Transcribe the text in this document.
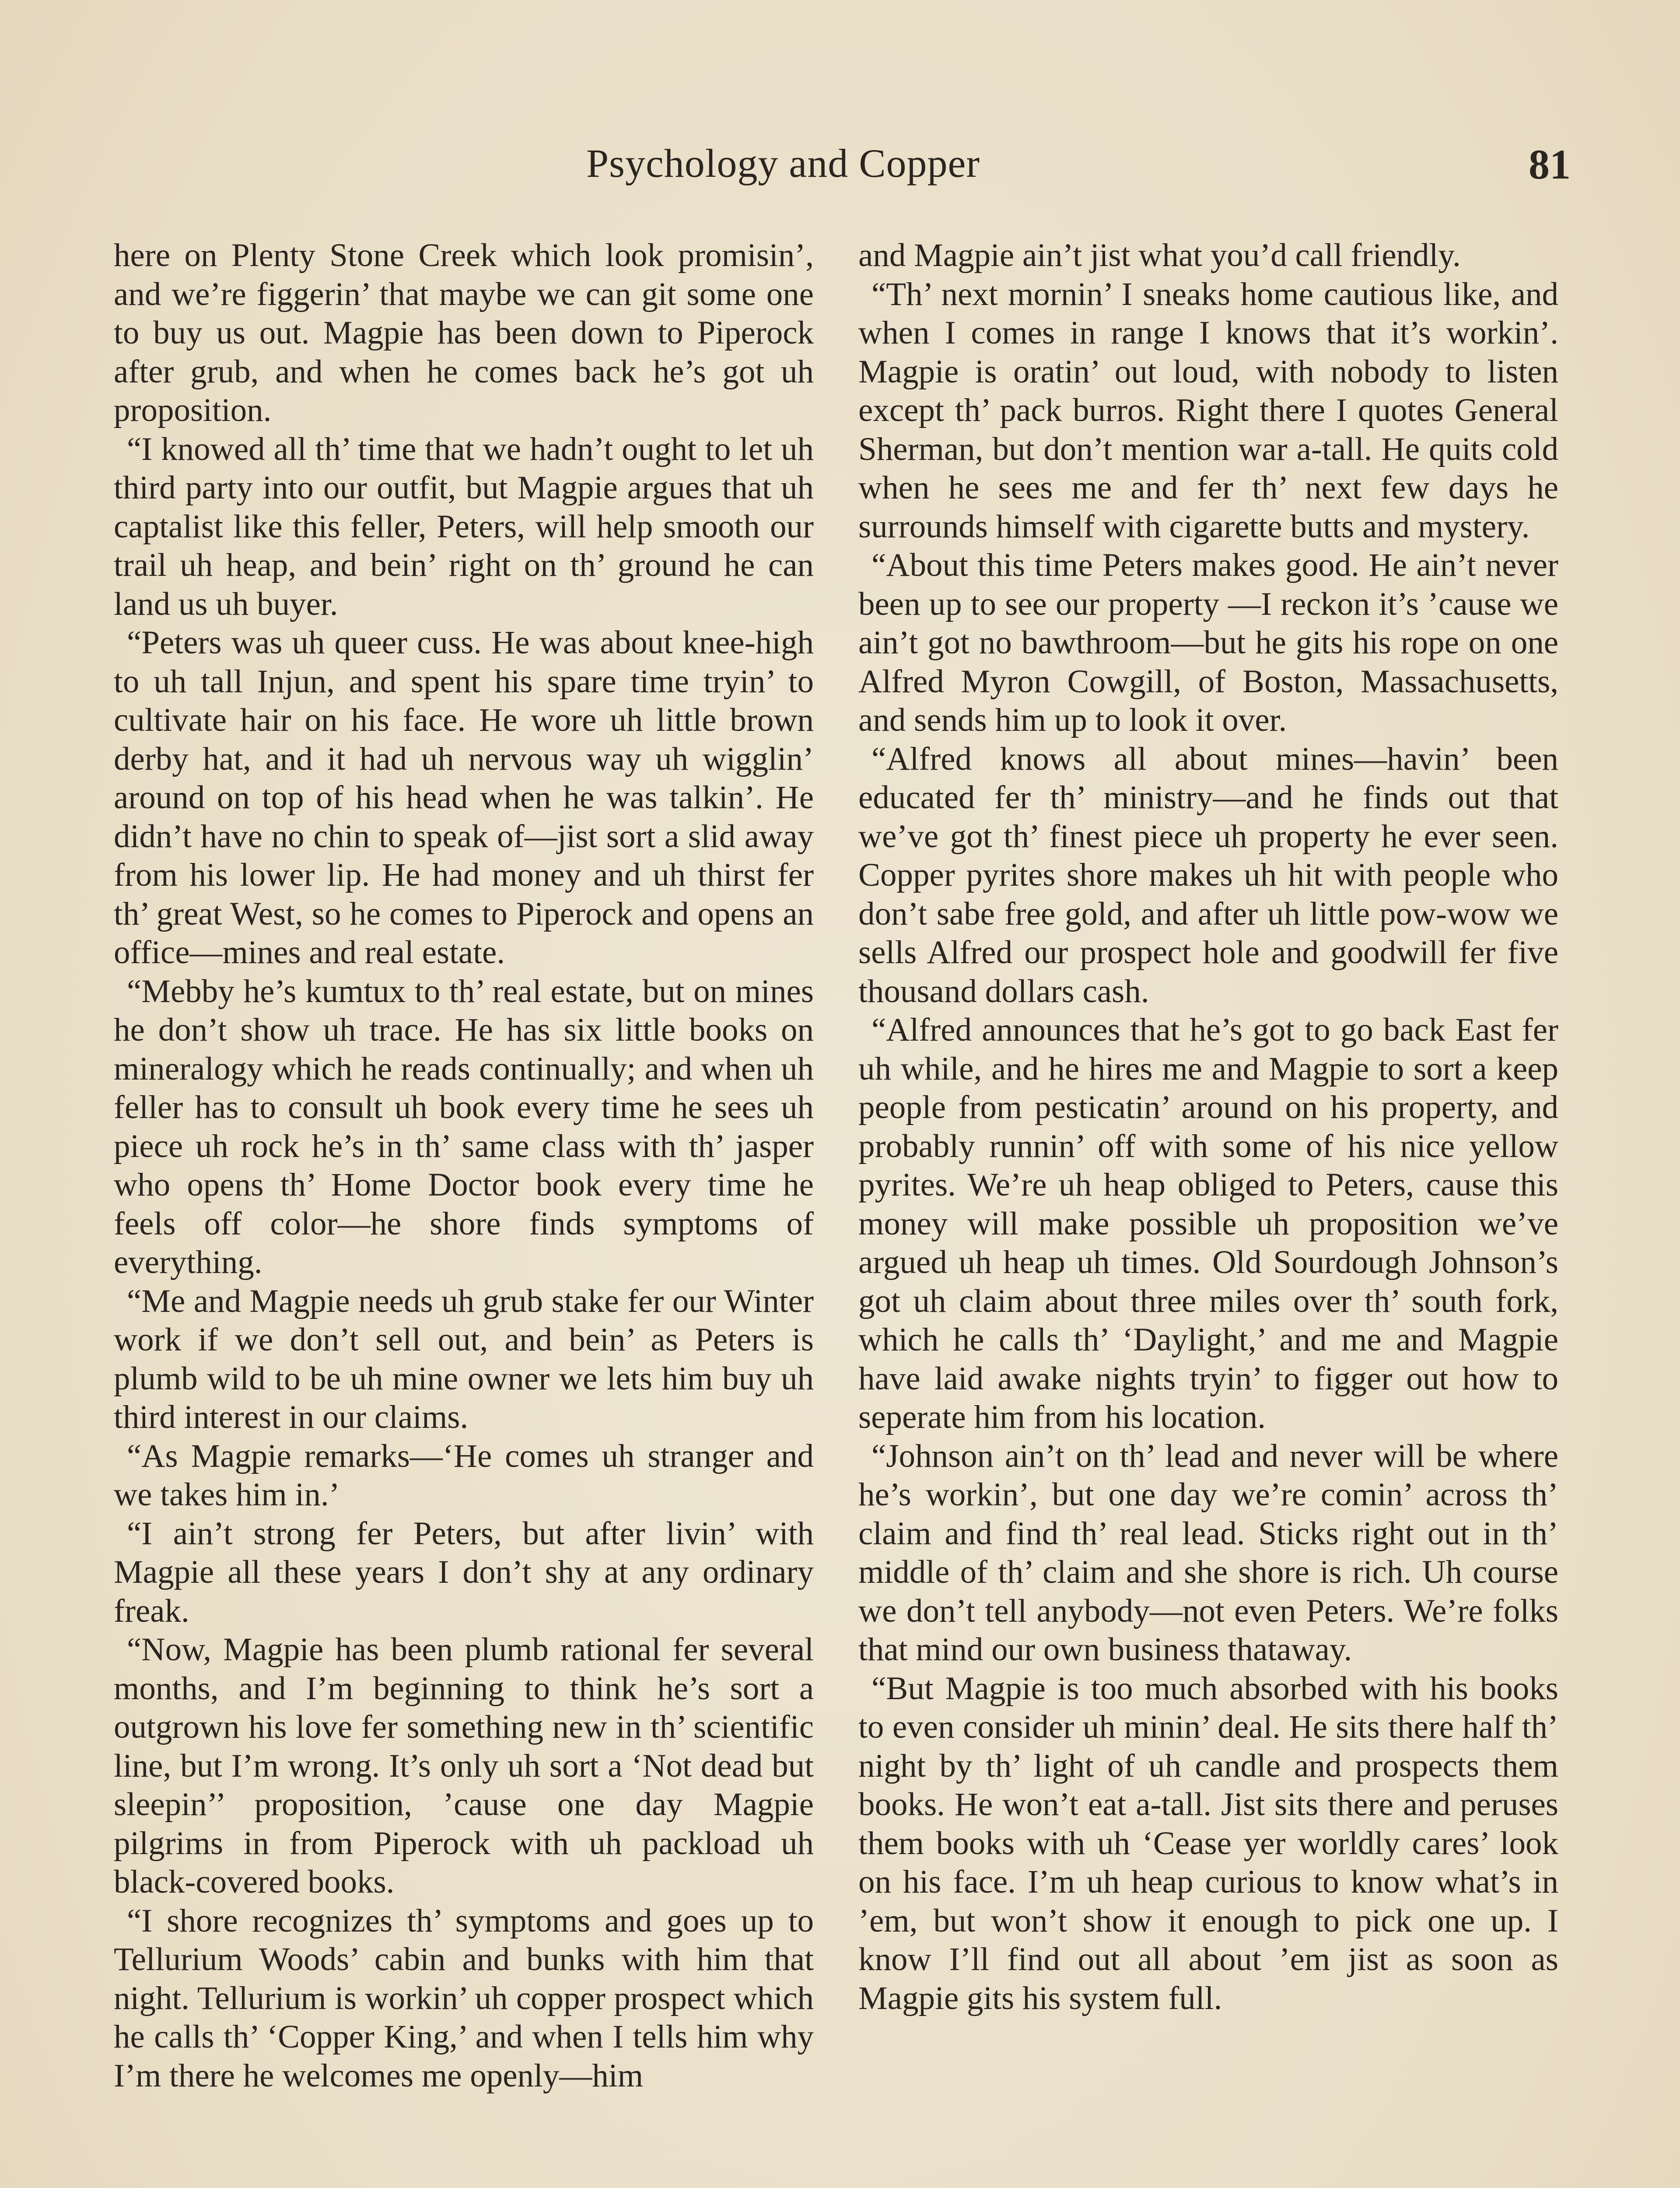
Psychology and Copper	81

here on Plenty Stone Creek which look promisin’, and we’re figgerin’ that maybe we can git some one to buy us out. Magpie has been down to Piperock after grub, and when he comes back he’s got uh proposition.

“I knowed all th’ time that we hadn’t ought to let uh third party into our outfit, but Magpie argues that uh captalist like this feller, Peters, will help smooth our trail uh heap, and bein’ right on th’ ground he can land us uh buyer.

“Peters was uh queer cuss. He was about knee-high to uh tall Injun, and spent his spare time tryin’ to cultivate hair on his face. He wore uh little brown derby hat, and it had uh nervous way uh wigglin’ around on top of his head when he was talkin’. He didn’t have no chin to speak of—jist sort a slid away from his lower lip. He had money and uh thirst fer th’ great West, so he comes to Piperock and opens an office—mines and real estate.

“Mebby he’s kumtux to th’ real estate, but on mines he don’t show uh trace. He has six little books on mineralogy which he reads continually; and when uh feller has to consult uh book every time he sees uh piece uh rock he’s in th’ same class with th’ jasper who opens th’ Home Doctor book every time he feels off color—he shore finds symptoms of everything.

“Me and Magpie needs uh grub stake fer our Winter work if we don’t sell out, and bein’ as Peters is plumb wild to be uh mine owner we lets him buy uh third interest in our claims.

“As Magpie remarks—‘He comes uh stranger and we takes him in.’

“I ain’t strong fer Peters, but after livin’ with Magpie all these years I don’t shy at any ordinary freak.

“Now, Magpie has been plumb rational fer several months, and I’m beginning to think he’s sort a outgrown his love fer something new in th’ scientific line, but I’m wrong. It’s only uh sort a ‘Not dead but sleepin’’ proposition, ’cause one day Magpie pilgrims in from Piperock with uh packload uh black-covered books.

“I shore recognizes th’ symptoms and goes up to Tellurium Woods’ cabin and bunks with him that night. Tellurium is workin’ uh copper prospect which he calls th’ ‘Copper King,’ and when I tells him why I’m there he welcomes me openly—him

and Magpie ain’t jist what you’d call friendly.

“Th’ next mornin’ I sneaks home cautious like, and when I comes in range I knows that it’s workin’. Magpie is oratin’ out loud, with nobody to listen except th’ pack burros. Right there I quotes General Sherman, but don’t mention war a-tall. He quits cold when he sees me and fer th’ next few days he surrounds himself with cigarette butts and mystery.

“About this time Peters makes good. He ain’t never been up to see our property —I reckon it’s ’cause we ain’t got no bawthroom—but he gits his rope on one Alfred Myron Cowgill, of Boston, Massachusetts, and sends him up to look it over.

“Alfred knows all about mines—havin’ been educated fer th’ ministry—and he finds out that we’ve got th’ finest piece uh property he ever seen. Copper pyrites shore makes uh hit with people who don’t sabe free gold, and after uh little pow-wow we sells Alfred our prospect hole and goodwill fer five thousand dollars cash.

“Alfred announces that he’s got to go back East fer uh while, and he hires me and Magpie to sort a keep people from pesticatin’ around on his property, and probably runnin’ off with some of his nice yellow pyrites. We’re uh heap obliged to Peters, cause this money will make possible uh proposition we’ve argued uh heap uh times. Old Sourdough Johnson’s got uh claim about three miles over th’ south fork, which he calls th’ ‘Daylight,’ and me and Magpie have laid awake nights tryin’ to figger out how to seperate him from his location.

“Johnson ain’t on th’ lead and never will be where he’s workin’, but one day we’re comin’ across th’ claim and find th’ real lead. Sticks right out in th’ middle of th’ claim and she shore is rich. Uh course we don’t tell anybody—not even Peters. We’re folks that mind our own business thataway.

“But Magpie is too much absorbed with his books to even consider uh minin’ deal. He sits there half th’ night by th’ light of uh candle and prospects them books. He won’t eat a-tall. Jist sits there and peruses them books with uh ‘Cease yer worldly cares’ look on his face. I’m uh heap curious to know what’s in ’em, but won’t show it enough to pick one up. I know I’ll find out all about ’em jist as soon as Magpie gits his system full.
